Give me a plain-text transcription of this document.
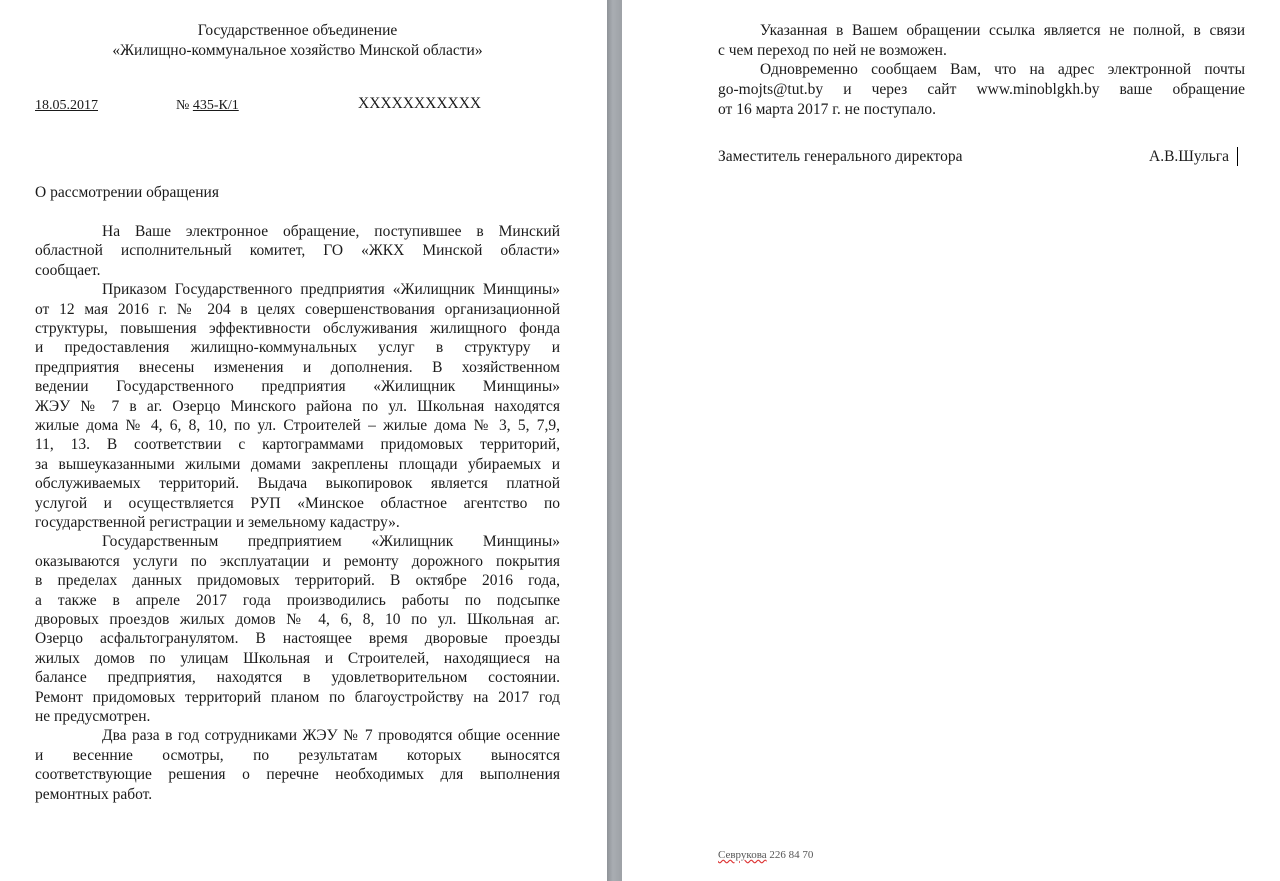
Государственное объединение
«Жилищно-коммунальное хозяйство Минской области»
18.05.2017	№ 435-К/1	ХХХХХХХХХХХ
О рассмотрении обращения
На Ваше электронное обращение, поступившее в Минский
областной исполнительный комитет, ГО «ЖКХ Минской области»
сообщает.
Приказом Государственного предприятия «Жилищник Минщины»
от 12 мая 2016 г. № 204 в целях совершенствования организационной
структуры, повышения эффективности обслуживания жилищного фонда
и предоставления жилищно-коммунальных услуг в структуру и
предприятия внесены изменения и дополнения. В хозяйственном
ведении Государственного предприятия «Жилищник Минщины»
ЖЭУ № 7 в аг. Озерцо Минского района по ул. Школьная находятся
жилые дома № 4, 6, 8, 10, по ул. Строителей – жилые дома № 3, 5, 7,9,
11, 13. В соответствии с картограммами придомовых территорий,
за вышеуказанными жилыми домами закреплены площади убираемых и
обслуживаемых территорий. Выдача выкопировок является платной
услугой и осуществляется РУП «Минское областное агентство по
государственной регистрации и земельному кадастру».
Государственным предприятием «Жилищник Минщины»
оказываются услуги по эксплуатации и ремонту дорожного покрытия
в пределах данных придомовых территорий. В октябре 2016 года,
а также в апреле 2017 года производились работы по подсыпке
дворовых проездов жилых домов № 4, 6, 8, 10 по ул. Школьная аг.
Озерцо асфальтогранулятом. В настоящее время дворовые проезды
жилых домов по улицам Школьная и Строителей, находящиеся на
балансе предприятия, находятся в удовлетворительном состоянии.
Ремонт придомовых территорий планом по благоустройству на 2017 год
не предусмотрен.
Два раза в год сотрудниками ЖЭУ № 7 проводятся общие осенние
и весенние осмотры, по результатам которых выносятся
соответствующие решения о перечне необходимых для выполнения
ремонтных работ.
Указанная в Вашем обращении ссылка является не полной, в связи
с чем переход по ней не возможен.
Одновременно сообщаем Вам, что на адрес электронной почты
go-mojts@tut.by и через сайт www.minoblgkh.by ваше обращение
от 16 марта 2017 г. не поступало.
Заместитель генерального директора	А.В.Шульга
Севрукова 226 84 70
